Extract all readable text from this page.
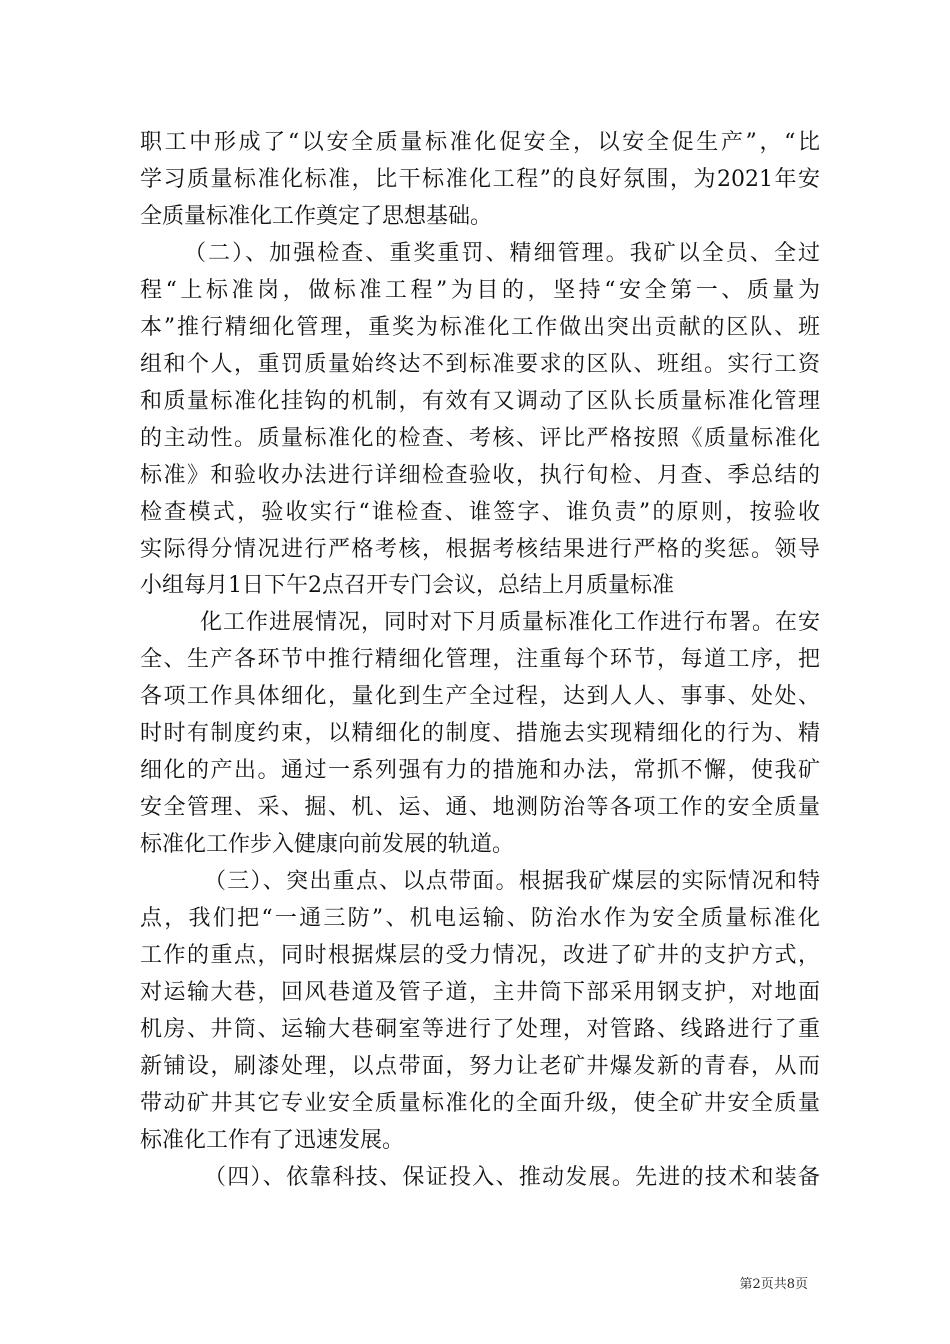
职工中形成了“以安全质量标准化促安全，以安全促生产”，“比
学习质量标准化标准，比干标准化工程”的良好氛围，为2021年安
全质量标准化工作奠定了思想基础。
（二）、加强检查、重奖重罚、精细管理。我矿以全员、全过
程“上标准岗，做标准工程”为目的，坚持“安全第一、质量为
本”推行精细化管理，重奖为标准化工作做出突出贡献的区队、班
组和个人，重罚质量始终达不到标准要求的区队、班组。实行工资
和质量标准化挂钩的机制，有效有又调动了区队长质量标准化管理
的主动性。质量标准化的检查、考核、评比严格按照《质量标准化
标准》和验收办法进行详细检查验收，执行旬检、月查、季总结的
检查模式，验收实行“谁检查、谁签字、谁负责”的原则，按验收
实际得分情况进行严格考核，根据考核结果进行严格的奖惩。领导
小组每月1日下午2点召开专门会议，总结上月质量标准
化工作进展情况，同时对下月质量标准化工作进行布署。在安
全、生产各环节中推行精细化管理，注重每个环节，每道工序，把
各项工作具体细化，量化到生产全过程，达到人人、事事、处处、
时时有制度约束，以精细化的制度、措施去实现精细化的行为、精
细化的产出。通过一系列强有力的措施和办法，常抓不懈，使我矿
安全管理、采、掘、机、运、通、地测防治等各项工作的安全质量
标准化工作步入健康向前发展的轨道。
（三）、突出重点、以点带面。根据我矿煤层的实际情况和特
点，我们把“一通三防”、机电运输、防治水作为安全质量标准化
工作的重点，同时根据煤层的受力情况，改进了矿井的支护方式，
对运输大巷，回风巷道及管子道，主井筒下部采用钢支护，对地面
机房、井筒、运输大巷硐室等进行了处理，对管路、线路进行了重
新铺设，刷漆处理，以点带面，努力让老矿井爆发新的青春，从而
带动矿井其它专业安全质量标准化的全面升级，使全矿井安全质量
标准化工作有了迅速发展。
（四）、依靠科技、保证投入、推动发展。先进的技术和装备
第2页共8页
